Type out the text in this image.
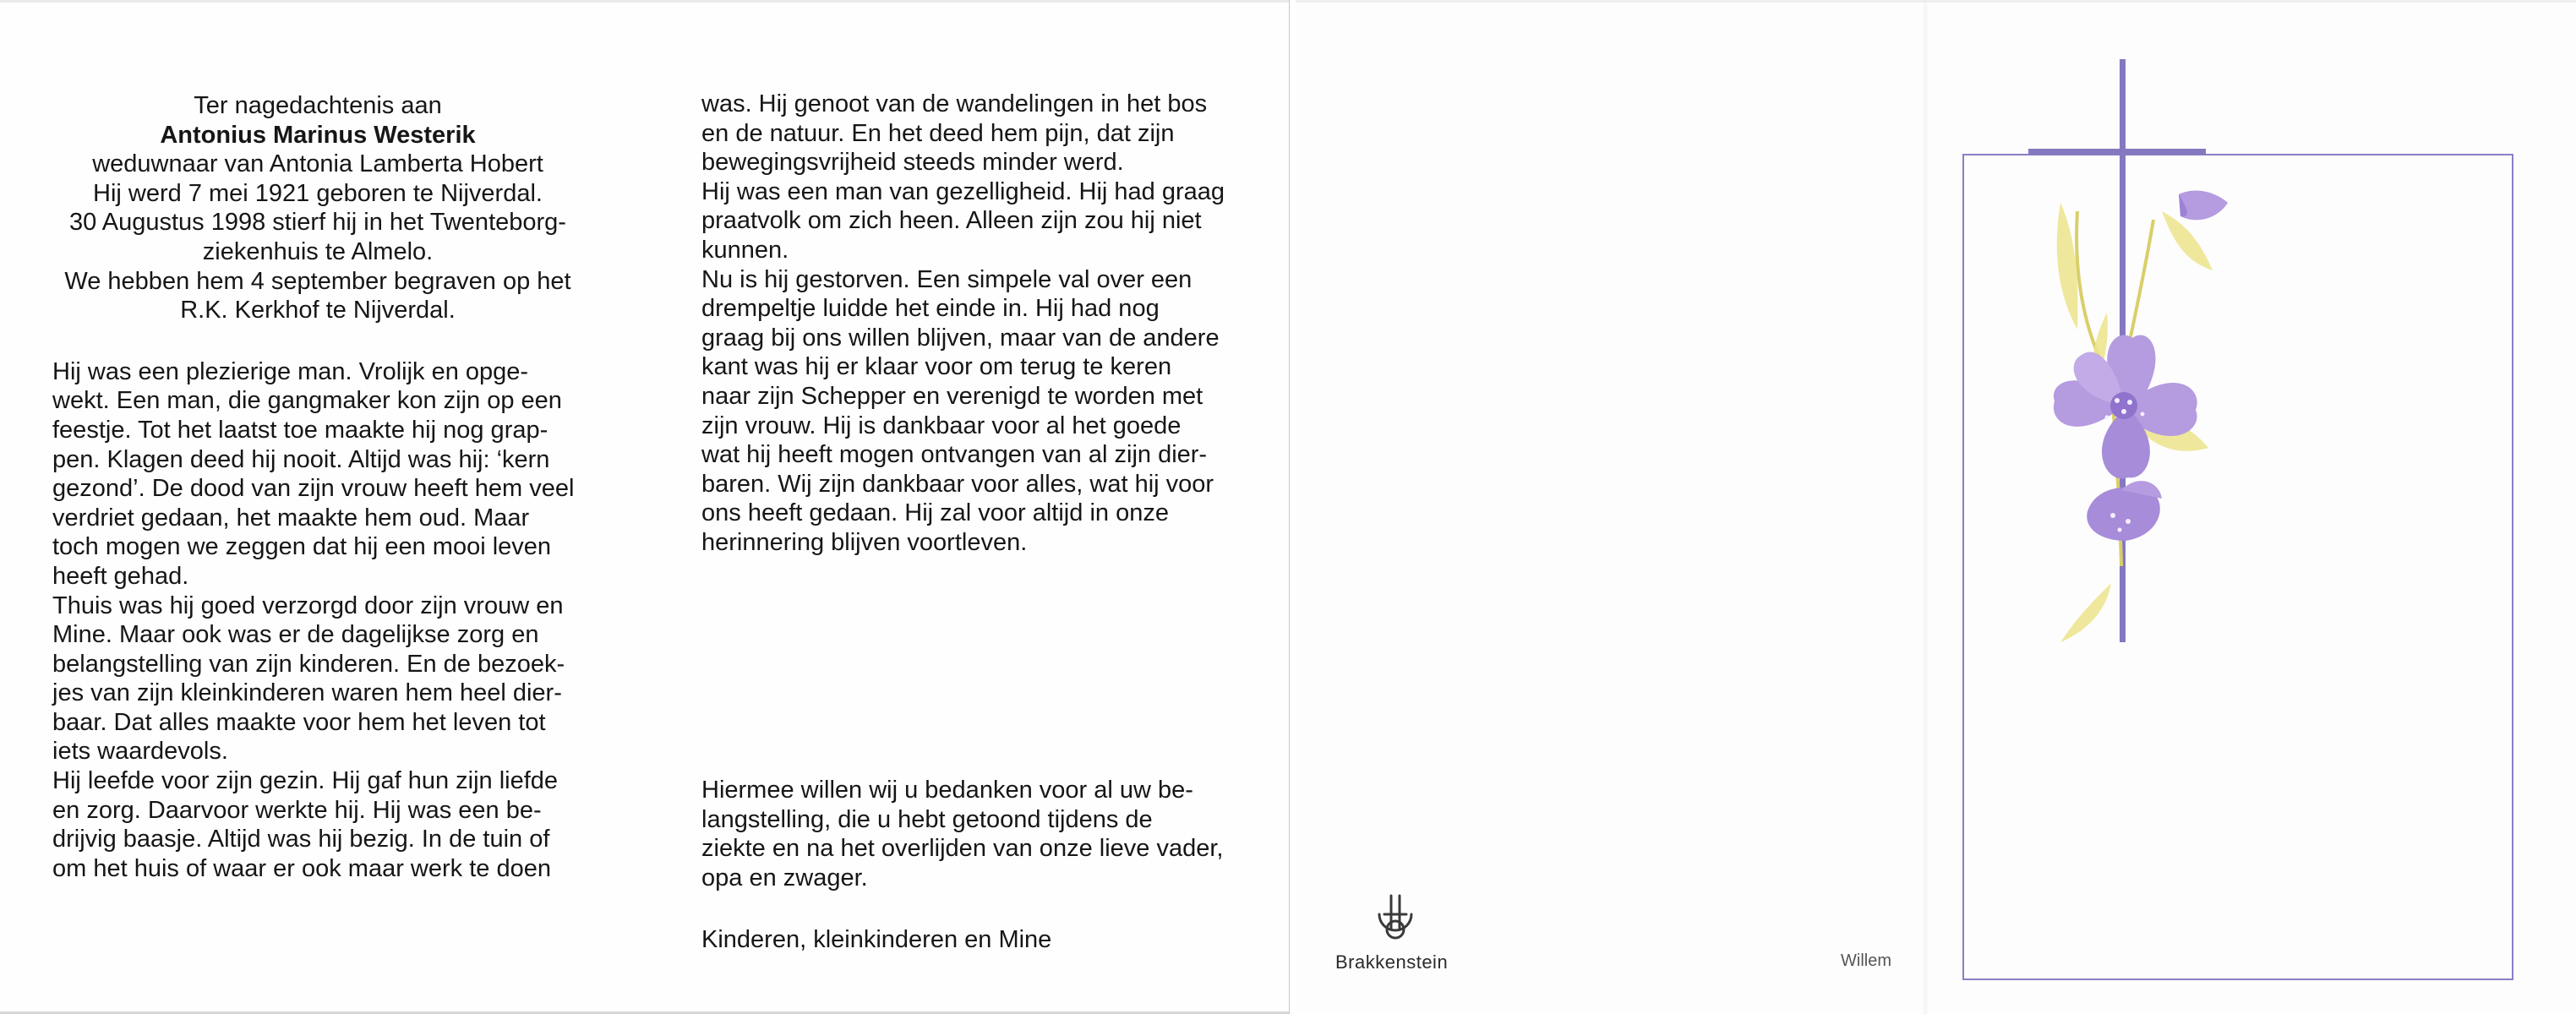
Ter nagedachtenis aan

Antonius Marinus Westerik

weduwnaar van Antonia Lamberta Hobert

Hij werd 7 mei 1921 geboren te Nijverdal.

30 Augustus 1998 stierf hij in het Twenteborg-

ziekenhuis te Almelo.

We hebben hem 4 september begraven op het

R.K. Kerkhof te Nijverdal.

Hij was een plezierige man. Vrolijk en opge-

wekt. Een man, die gangmaker kon zijn op een

feestje. Tot het laatst toe maakte hij nog grap-

pen. Klagen deed hij nooit. Altijd was hij: ‘kern

gezond’. De dood van zijn vrouw heeft hem veel

verdriet gedaan, het maakte hem oud. Maar

toch mogen we zeggen dat hij een mooi leven

heeft gehad.

Thuis was hij goed verzorgd door zijn vrouw en

Mine. Maar ook was er de dagelijkse zorg en

belangstelling van zijn kinderen. En de bezoek-

jes van zijn kleinkinderen waren hem heel dier-

baar. Dat alles maakte voor hem het leven tot

iets waardevols.

Hij leefde voor zijn gezin. Hij gaf hun zijn liefde

en zorg. Daarvoor werkte hij. Hij was een be-

drijvig baasje. Altijd was hij bezig. In de tuin of

om het huis of waar er ook maar werk te doen

was. Hij genoot van de wandelingen in het bos

en de natuur. En het deed hem pijn, dat zijn

bewegingsvrijheid steeds minder werd.

Hij was een man van gezelligheid. Hij had graag

praatvolk om zich heen. Alleen zijn zou hij niet

kunnen.

Nu is hij gestorven. Een simpele val over een

drempeltje luidde het einde in. Hij had nog

graag bij ons willen blijven, maar van de andere

kant was hij er klaar voor om terug te keren

naar zijn Schepper en verenigd te worden met

zijn vrouw. Hij is dankbaar voor al het goede

wat hij heeft mogen ontvangen van al zijn dier-

baren. Wij zijn dankbaar voor alles, wat hij voor

ons heeft gedaan. Hij zal voor altijd in onze

herinnering blijven voortleven.

Hiermee willen wij u bedanken voor al uw be-

langstelling, die u hebt getoond tijdens de

ziekte en na het overlijden van onze lieve vader,

opa en zwager.

Kinderen, kleinkinderen en Mine
Brakkenstein	Willem
